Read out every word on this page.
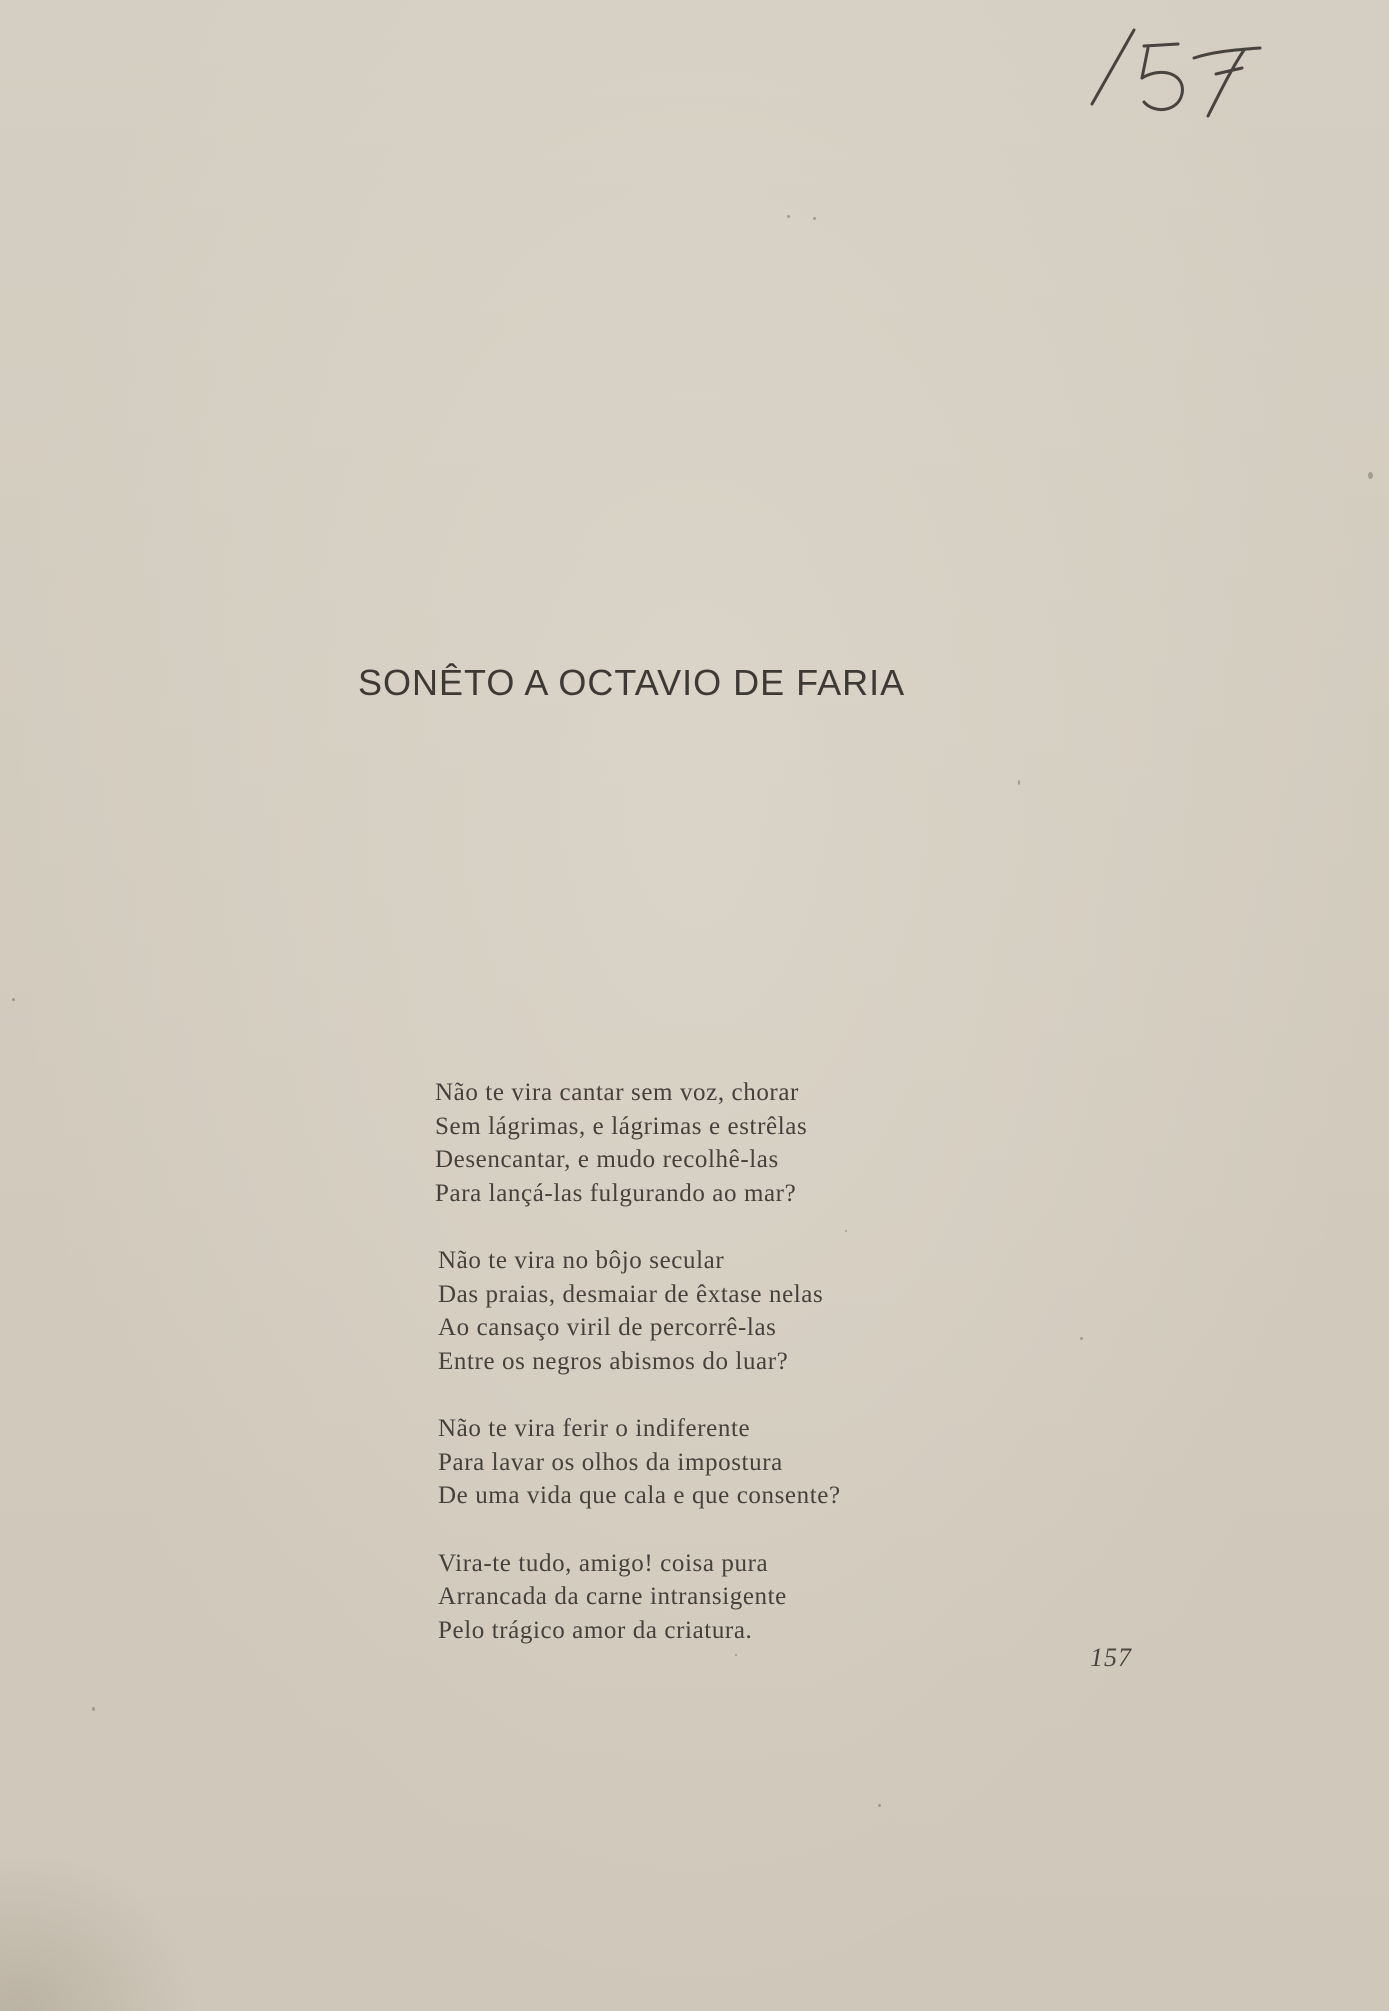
SONÊTO A OCTAVIO DE FARIA
Não te vira cantar sem voz, chorar
Sem lágrimas, e lágrimas e estrêlas
Desencantar, e mudo recolhê-las
Para lançá-las fulgurando ao mar?
Não te vira no bôjo secular
Das praias, desmaiar de êxtase nelas
Ao cansaço viril de percorrê-las
Entre os negros abismos do luar?
Não te vira ferir o indiferente
Para lavar os olhos da impostura
De uma vida que cala e que consente?
Vira-te tudo, amigo! coisa pura
Arrancada da carne intransigente
Pelo trágico amor da criatura.
157
